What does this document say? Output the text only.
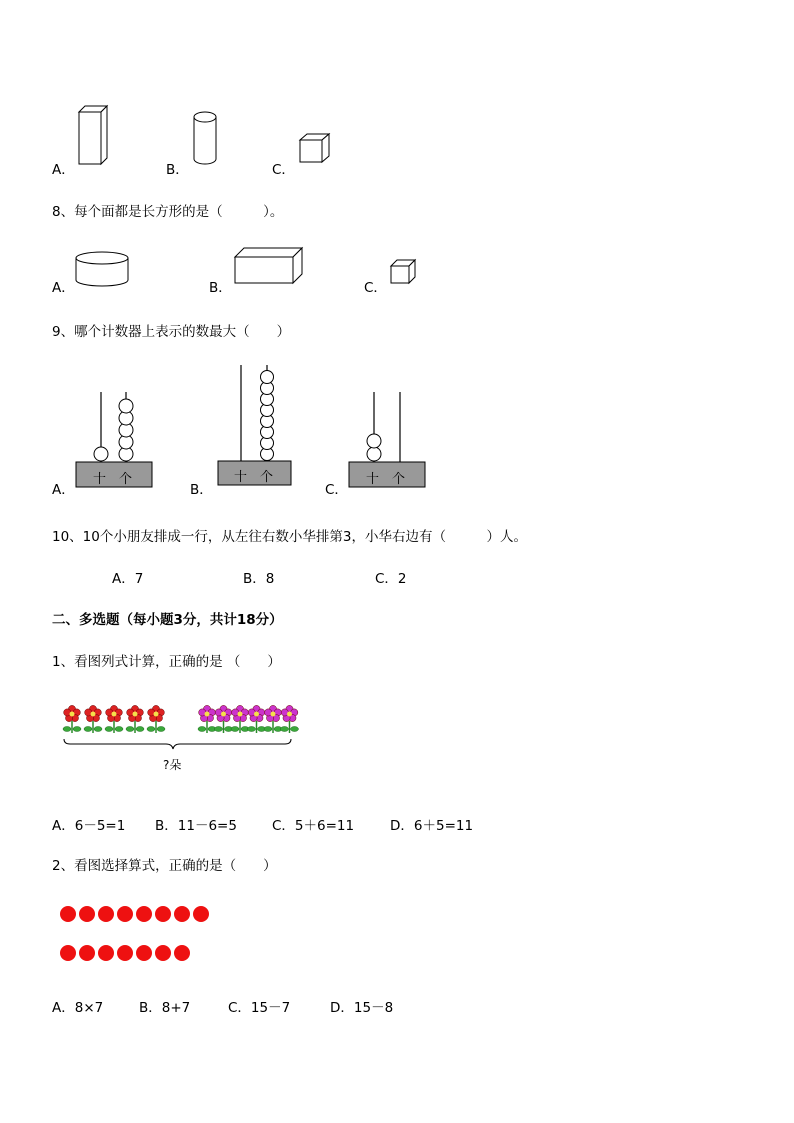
A．	B．	C．
8、每个面都是长方形的是（　　　）。
A．	B．	C．
9、哪个计数器上表示的数最大（　　）
十 个
A．
十 个
B．
十 个
C．
10、10个小朋友排成一行，从左往右数小华排第3，小华右边有（　　　）人。
A．7	B．8	C．2
二、多选题（每小题3分，共计18分）
1、看图列式计算，正确的是 （　　）
?朵
A．6－5=1 B．11－6=5	C．5＋6=11	D．6＋5=11
2、看图选择算式，正确的是（　　）
A．8×7	B．8+7	C．15－7	D．15－8
